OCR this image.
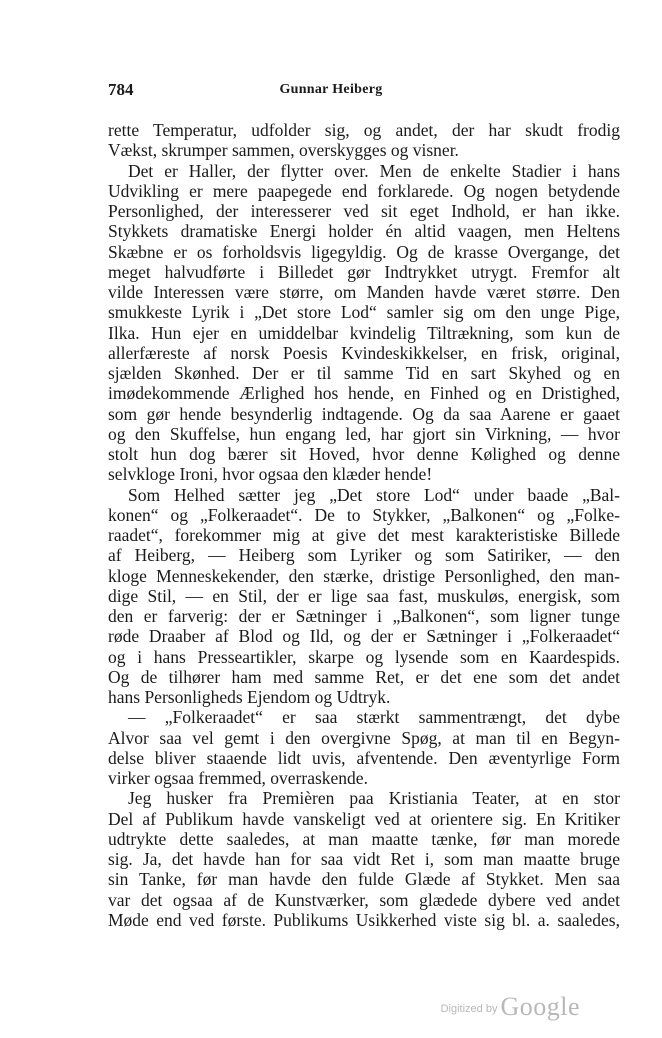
784	Gunnar Heiberg
rette Temperatur, udfolder sig, og andet, der har skudt frodig
Vækst, skrumper sammen, overskygges og visner.
Det er Haller, der flytter over. Men de enkelte Stadier i hans
Udvikling er mere paapegede end forklarede. Og nogen betydende
Personlighed, der interesserer ved sit eget Indhold, er han ikke.
Stykkets dramatiske Energi holder én altid vaagen, men Heltens
Skæbne er os forholdsvis ligegyldig. Og de krasse Overgange, det
meget halvudførte i Billedet gør Indtrykket utrygt. Fremfor alt
vilde Interessen være større, om Manden havde været større. Den
smukkeste Lyrik i „Det store Lod“ samler sig om den unge Pige,
Ilka. Hun ejer en umiddelbar kvindelig Tiltrækning, som kun de
allerfæreste af norsk Poesis Kvindeskikkelser, en frisk, original,
sjælden Skønhed. Der er til samme Tid en sart Skyhed og en
imødekommende Ærlighed hos hende, en Finhed og en Dristighed,
som gør hende besynderlig indtagende. Og da saa Aarene er gaaet
og den Skuffelse, hun engang led, har gjort sin Virkning, — hvor
stolt hun dog bærer sit Hoved, hvor denne Kølighed og denne
selvkloge Ironi, hvor ogsaa den klæder hende!
Som Helhed sætter jeg „Det store Lod“ under baade „Bal-
konen“ og „Folkeraadet“. De to Stykker, „Balkonen“ og „Folke-
raadet“, forekommer mig at give det mest karakteristiske Billede
af Heiberg, — Heiberg som Lyriker og som Satiriker, — den
kloge Menneskekender, den stærke, dristige Personlighed, den man-
dige Stil, — en Stil, der er lige saa fast, muskuløs, energisk, som
den er farverig: der er Sætninger i „Balkonen“, som ligner tunge
røde Draaber af Blod og Ild, og der er Sætninger i „Folkeraadet“
og i hans Presseartikler, skarpe og lysende som en Kaardespids.
Og de tilhører ham med samme Ret, er det ene som det andet
hans Personligheds Ejendom og Udtryk.
— „Folkeraadet“ er saa stærkt sammentrængt, det dybe
Alvor saa vel gemt i den overgivne Spøg, at man til en Begyn-
delse bliver staaende lidt uvis, afventende. Den æventyrlige Form
virker ogsaa fremmed, overraskende.
Jeg husker fra Premièren paa Kristiania Teater, at en stor
Del af Publikum havde vanskeligt ved at orientere sig. En Kritiker
udtrykte dette saaledes, at man maatte tænke, før man morede
sig. Ja, det havde han for saa vidt Ret i, som man maatte bruge
sin Tanke, før man havde den fulde Glæde af Stykket. Men saa
var det ogsaa af de Kunstværker, som glædede dybere ved andet
Møde end ved første. Publikums Usikkerhed viste sig bl. a. saaledes,
Digitized by Google
